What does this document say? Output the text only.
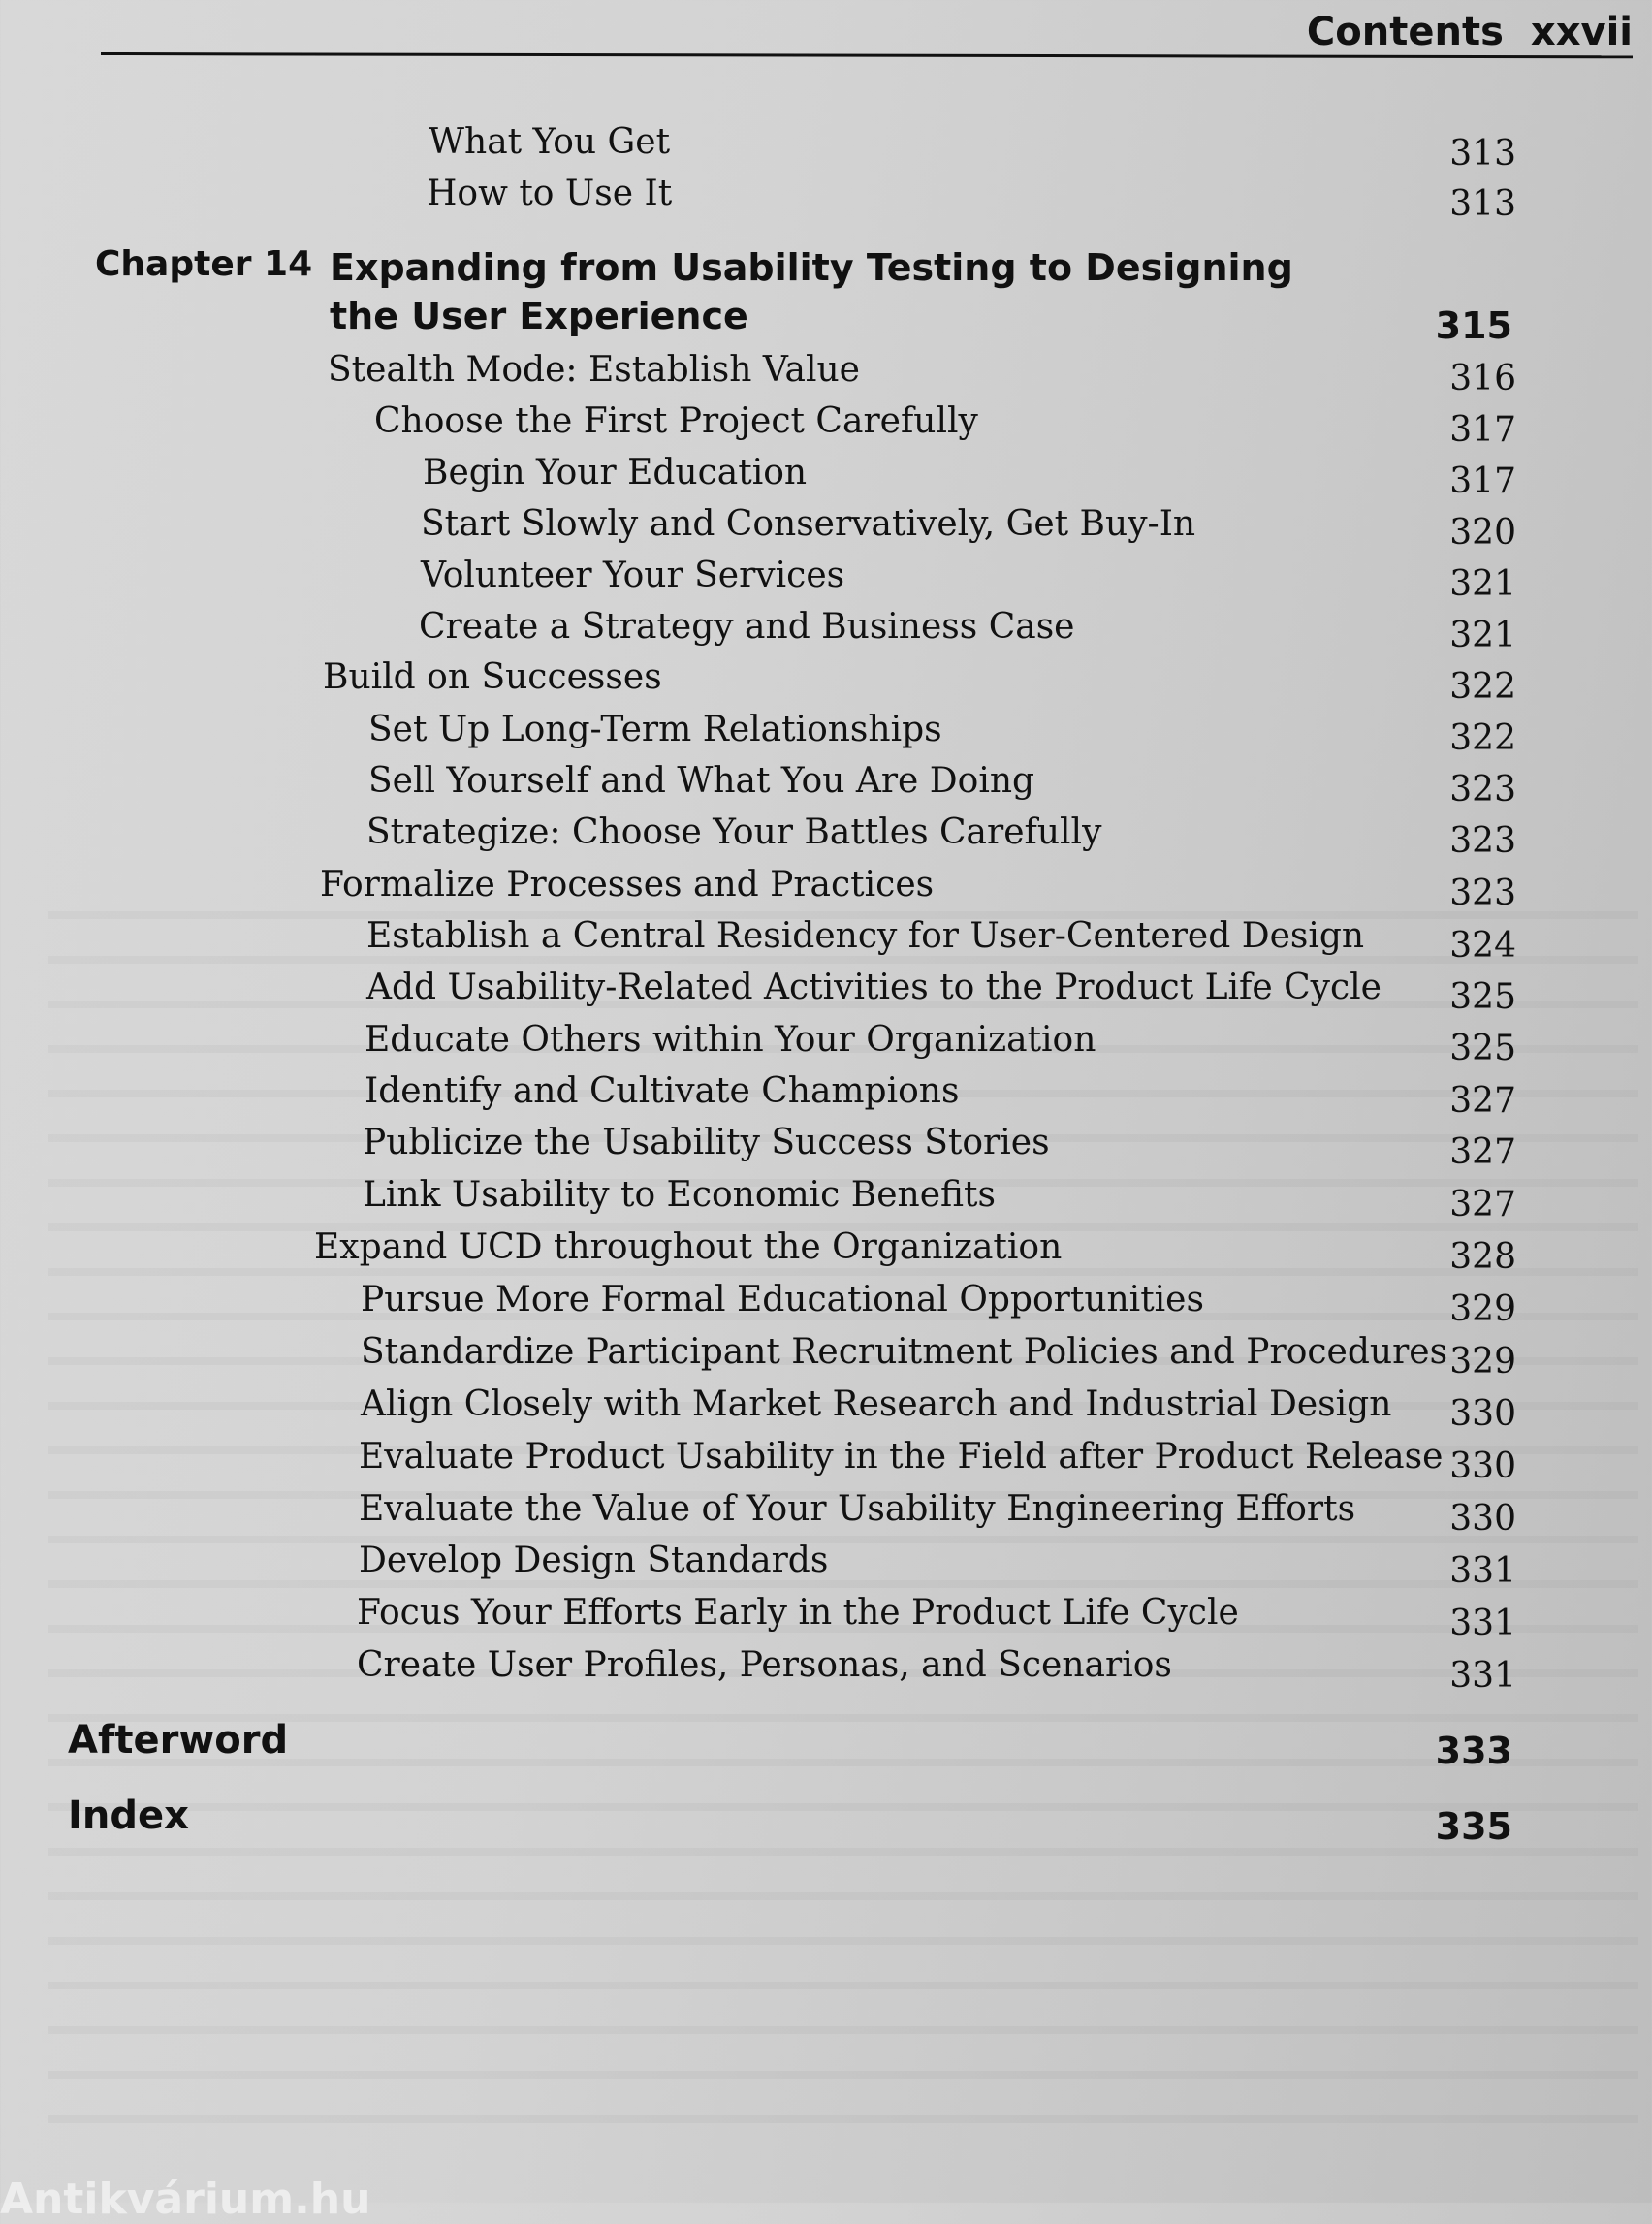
Contents xxvii
What You Get	313
How to Use It	313
Chapter 14 Expanding from Usability Testing to Designing
the User Experience	315
Stealth Mode: Establish Value	316
Choose the First Project Carefully	317
Begin Your Education	317
Start Slowly and Conservatively, Get Buy-In	320
Volunteer Your Services	321
Create a Strategy and Business Case	321
Build on Successes	322
Set Up Long-Term Relationships	322
Sell Yourself and What You Are Doing	323
Strategize: Choose Your Battles Carefully	323
Formalize Processes and Practices	323
Establish a Central Residency for User-Centered Design 324
Add Usability-Related Activities to the Product Life Cycle 325
Educate Others within Your Organization	325
Identify and Cultivate Champions	327
Publicize the Usability Success Stories	327
Link Usability to Economic Benefits	327
Expand UCD throughout the Organization	328
Pursue More Formal Educational Opportunities	329
Standardize Participant Recruitment Policies and Procedures 329
Align Closely with Market Research and Industrial Design 330
Evaluate Product Usability in the Field after Product Release 330
Evaluate the Value of Your Usability Engineering Efforts	330
Develop Design Standards	331
Focus Your Efforts Early in the Product Life Cycle	331
Create User Profiles, Personas, and Scenarios	331
Afterword	333
Index	335
Antikvárium.hu
